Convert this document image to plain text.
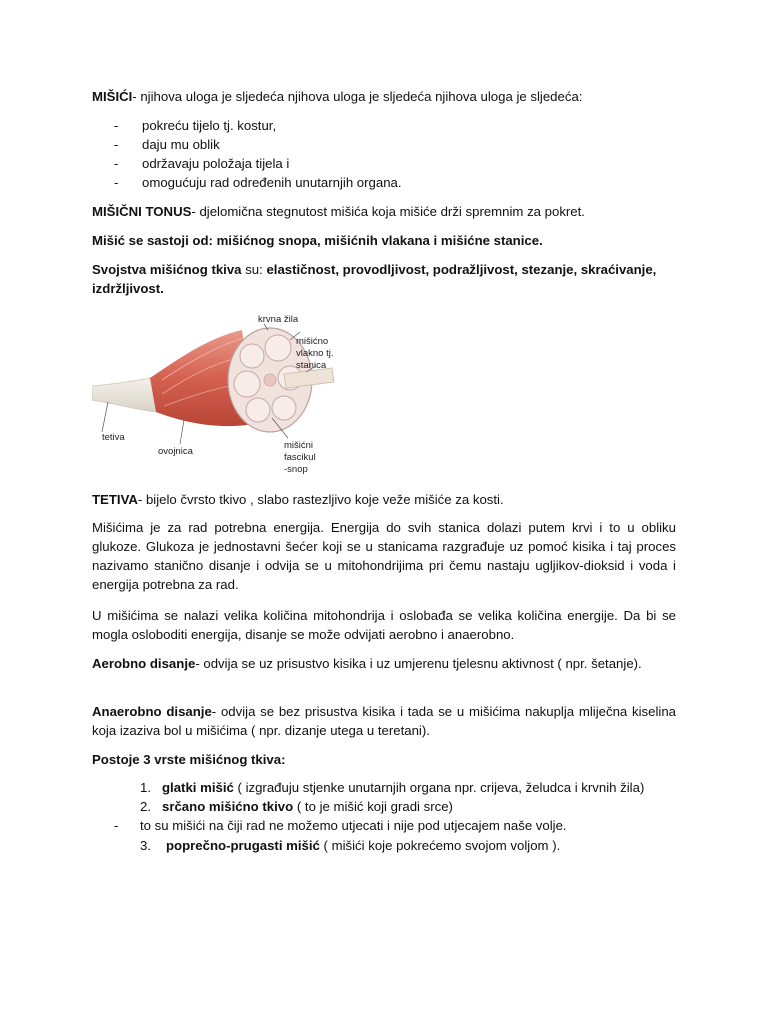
MIŠIĆI- njihova uloga je sljedeća njihova uloga je sljedeća njihova uloga je sljedeća:

- pokreću tijelo tj. kostur,
- daju mu oblik
- održavaju položaja tijela i
- omogućuju rad određenih unutarnjih organa.

MIŠIČNI TONUS- djelomična stegnutost mišića koja mišiće drži spremnim za pokret.

Mišić se sastoji od: mišićnog snopa, mišićnih vlakana i mišićne stanice.

Svojstva mišićnog tkiva su: elastičnost, provodljivost, podražljivost, stezanje, skraćivanje, izdržljivost.

krvna žila
mišićno
vlakno tj.
stanica
tetiva
ovojnica
mišićni
fascikul
-snop

TETIVA- bijelo čvrsto tkivo , slabo rastezljivo koje veže mišiće za kosti.

Mišićima je za rad potrebna energija. Energija do svih stanica dolazi putem krvi i to u obliku glukoze. Glukoza je jednostavni šećer koji se u stanicama razgrađuje uz pomoć kisika i taj proces nazivamo stanično disanje i odvija se u mitohondrijima pri čemu nastaju ugljikov-dioksid i voda i energija potrebna za rad.

U mišićima se nalazi velika količina mitohondrija i oslobađa se velika količina energije. Da bi se mogla osloboditi energija, disanje se može odvijati aerobno i anaerobno.

Aerobno disanje- odvija se uz prisustvo kisika i uz umjerenu tjelesnu aktivnost ( npr. šetanje).

Anaerobno disanje- odvija se bez prisustva kisika i tada se u mišićima nakuplja mliječna kiselina koja izaziva bol u mišićima ( npr. dizanje utega u teretani).

Postoje 3 vrste mišićnog tkiva:

1. glatki mišić ( izgrađuju stjenke unutarnjih organa npr. crijeva, želudca i krvnih žila)
2. srčano mišićno tkivo ( to je mišić koji gradi srce)
- to su mišići na čiji rad ne možemo utjecati i nije pod utjecajem naše volje.
3. poprečno-prugasti mišić ( mišići koje pokrećemo svojom voljom ).
